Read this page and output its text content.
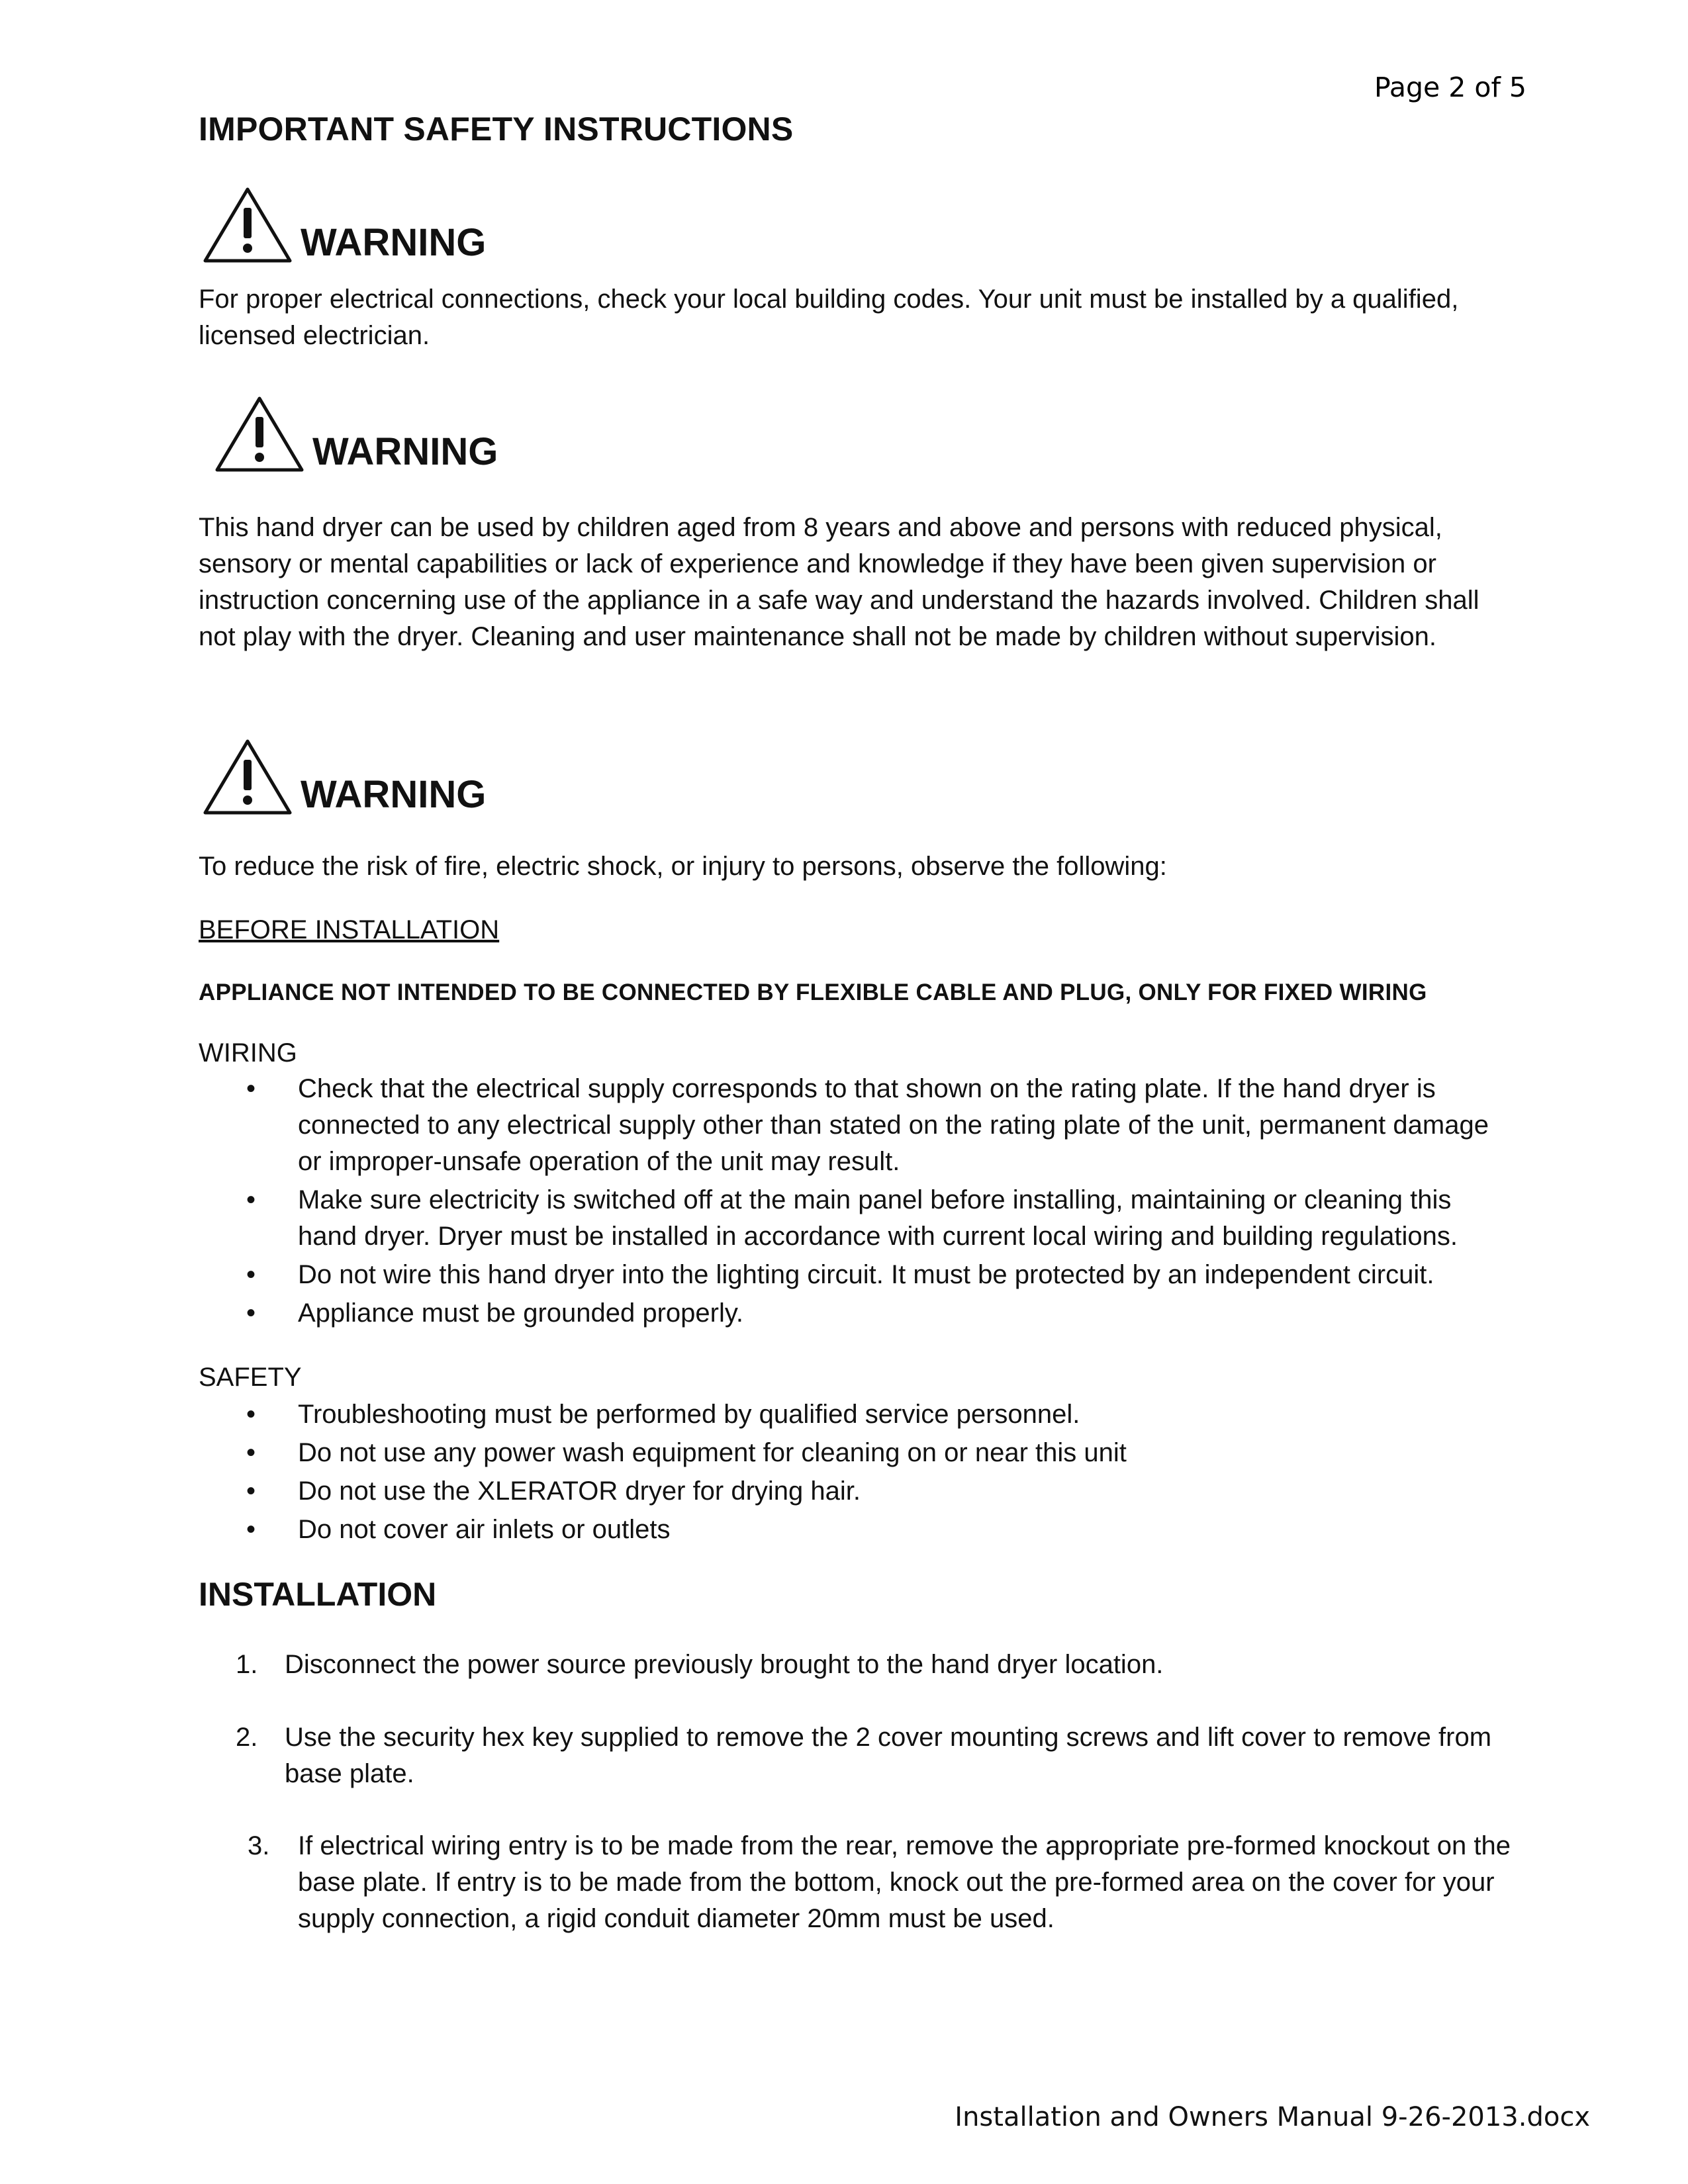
Page 2 of 5
IMPORTANT SAFETY INSTRUCTIONS
WARNING

For proper electrical connections, check your local building codes. Your unit must be installed by a qualified, licensed electrician.

WARNING

This hand dryer can be used by children aged from 8 years and above and persons with reduced physical, sensory or mental capabilities or lack of experience and knowledge if they have been given supervision or instruction concerning use of the appliance in a safe way and understand the hazards involved. Children shall not play with the dryer. Cleaning and user maintenance shall not be made by children without supervision.

WARNING

To reduce the risk of fire, electric shock, or injury to persons, observe the following:

BEFORE INSTALLATION

APPLIANCE NOT INTENDED TO BE CONNECTED BY FLEXIBLE CABLE AND PLUG, ONLY FOR FIXED WIRING

WIRING

• Check that the electrical supply corresponds to that shown on the rating plate. If the hand dryer is connected to any electrical supply other than stated on the rating plate of the unit, permanent damage or improper-unsafe operation of the unit may result.
• Make sure electricity is switched off at the main panel before installing, maintaining or cleaning this hand dryer. Dryer must be installed in accordance with current local wiring and building regulations.
• Do not wire this hand dryer into the lighting circuit. It must be protected by an independent circuit.
• Appliance must be grounded properly.

SAFETY

• Troubleshooting must be performed by qualified service personnel.
• Do not use any power wash equipment for cleaning on or near this unit
• Do not use the XLERATOR dryer for drying hair.
• Do not cover air inlets or outlets
INSTALLATION
1. Disconnect the power source previously brought to the hand dryer location.
2. Use the security hex key supplied to remove the 2 cover mounting screws and lift cover to remove from base plate.
3. If electrical wiring entry is to be made from the rear, remove the appropriate pre-formed knockout on the base plate. If entry is to be made from the bottom, knock out the pre-formed area on the cover for your supply connection, a rigid conduit diameter 20mm must be used.
Installation and Owners Manual 9-26-2013.docx
